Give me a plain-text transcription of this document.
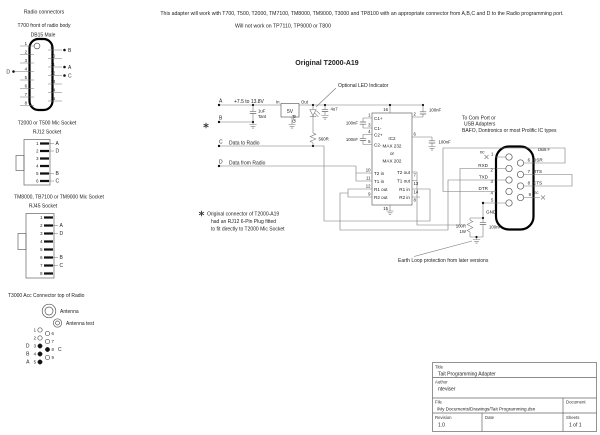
This adapter will work with T700, T500, T2000, TM7100, TM8000, TM9000, T3000 and TP8100 with an appropriate connector from A,B,C and D to the Radio programming port.
Will not work on TP7110, TP9000 or T800
Radio connectors
T700 front of radio body
DB15 Male
1
2
3
4
5
6
7
8
9
10
11
12
13
14
15
B
A
C
D
T2000 or T500 Mic Socket
RJ12 Socket
1
2
3
4
5
6
A
D
B
C
TM8000, TB7100 or TM9000 Mic Socket
RJ45 Socket
1
2
3
4
5
6
7
8
A
D
B
C
T3000 Acc Connector top of Radio
Antenna
Antenna test
1
2
3
4
5
D
B
A
6
7
8
9
C
Original T2000-A19
Optional LED Indicator
5V
In	Out
Gnd
+7.5 to 13.8V
A
B
C
D
Data to Radio
Data from Radio
1uF
Tant
560R
4u7
IC2
MAX 232
or
MAX 202
C1+
C1-
C2+
C2-
T2 in
T1 in
R1 out
R2 out
T2 out
T1 out
R1 in
R2 in
1
3
4
5
10
11
12
9
16
2
6
7
13
14
8
15
100nF
100nF
100nF
100nF
Original connector of T2000-A19
had an RJ12 6-Pin Plug fitted
to fit directly to T2000 Mic Socket
To Com Port or
USB Adapters
BAFO, Dontronics or most Prolific IC types
DB9 F
nc 1
RXD
2
TXD
3
DTR
4
5
GND
6 DSR
7 RTS
8 CTS
9 nc
100R
1W
100nF
Earth Loop protection from later versions
Title
Tait Programming Adapter
Author
nteviser
File
/My Documents/Drawings/Tait Programming.dsn
Document
Revision
1.0
Date	Sheets
1 of 1
